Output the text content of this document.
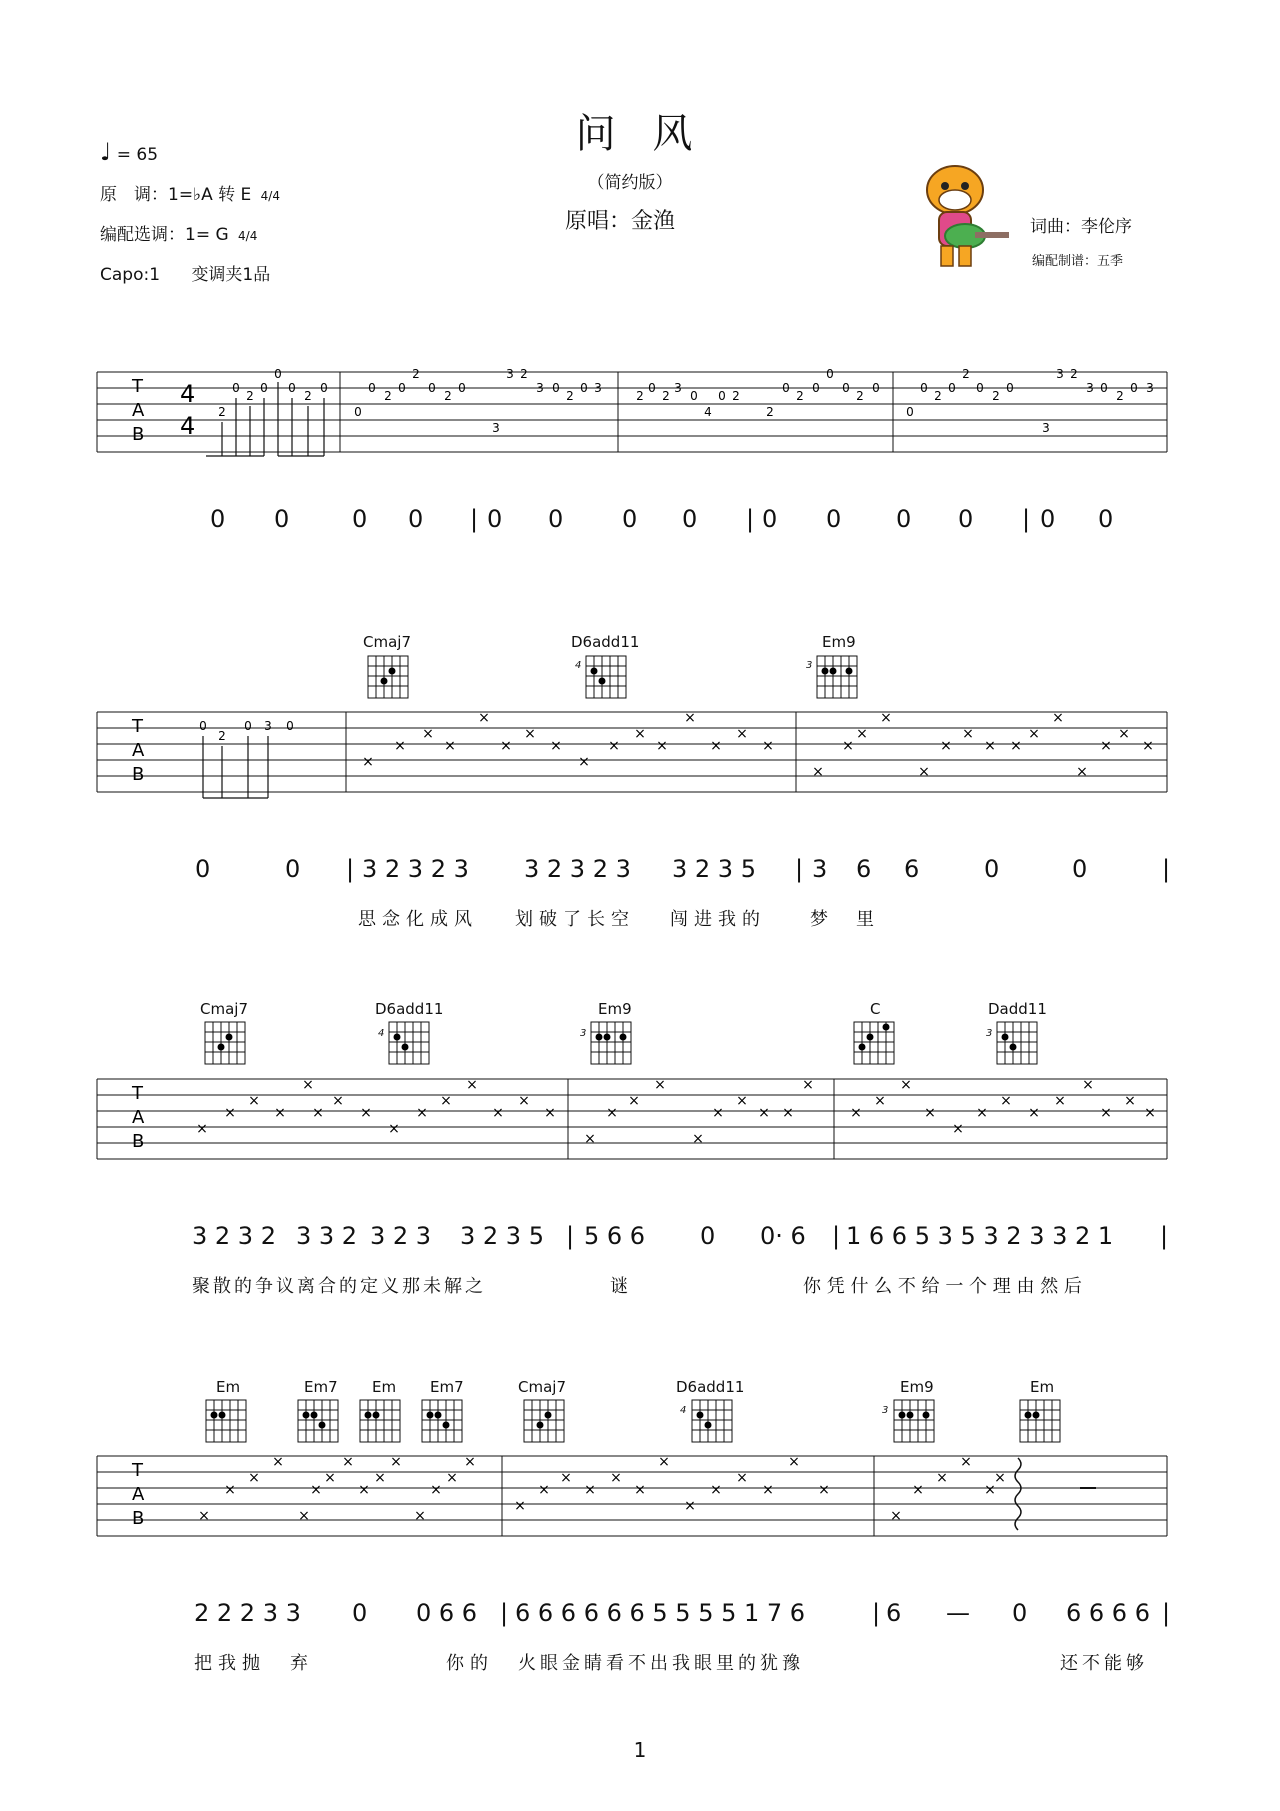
问 风
（简约版）
原唱：金渔
♩ = 65
原　调：1=♭A 转 E 4/4
编配选调：1= G 4/4
Capo:1 变调夹1品
词曲：李伦序
编配制谱：五季
T
A
B
4
4 2
0
2
0
0
0
2
0
0
0
2
0
2
0
2
0
3
3 2
3 0
2
0 3
2
0
2
3
0
4
0 2
2
0
2
0
0
0
2
0
0
0
2
0
2
0
2
0
3
3 2
3 0
2
0 3
0 0	0 0 | 0 0 0 0 | 0 0 0 0 | 0 0
Cmaj7	D6add11
4
Em9
3
T
A
B
0
2
0 3 0
×
×
×
×
×
×
×
×
×
×
×
×
×
×
×
×
×
×
×
×
×
×
×
× ×
×
×
×
×
×
×
0	0 | 3 2 3 2 3 3 2 3 2 3 3 2 3 5 | 3 6 6	0	0	|
思念化成风 划破了长空 闯进我的 梦 里
Cmaj7	D6add11
4
Em9
3
C	Dadd11
3
T
A
B
×
×
×
×
×
×
×
×
×
×
×
×
×
×
×
×
×
×
×
×
×
×
× ×
×
×
×
×
×
×
×
×
×
×
×
×
×
×
3 2 3 2 3 3 2 3 2 3 3 2 3 5 | 5 6 6 0 0· 6 | 1 6 6 5 3 5 3 2 3 3 2 1 |
聚散的争议离合的定义那未解之	谜	你 凭 什 么 不 给 一 个 理 由 然 后
Em	Em7 Em Em7	Cmaj7	D6add11
4
Em9
3
Em
T
A
B	×
×
×
×
×
×
×
×
×
×
×
×
×
×
×
×
×
×
×
×
×
×
×
×
×
×
×
×
×
×
×
×
×
×
2 2 2 3 3 0 0 6 6 | 6 6 6 6 6 6 5 5 5 5 1 7 6	| 6 — 0 6 6 6 6 |
把我抛 弃	你的 火眼金睛看不出我眼里的犹豫	还不能够
1
